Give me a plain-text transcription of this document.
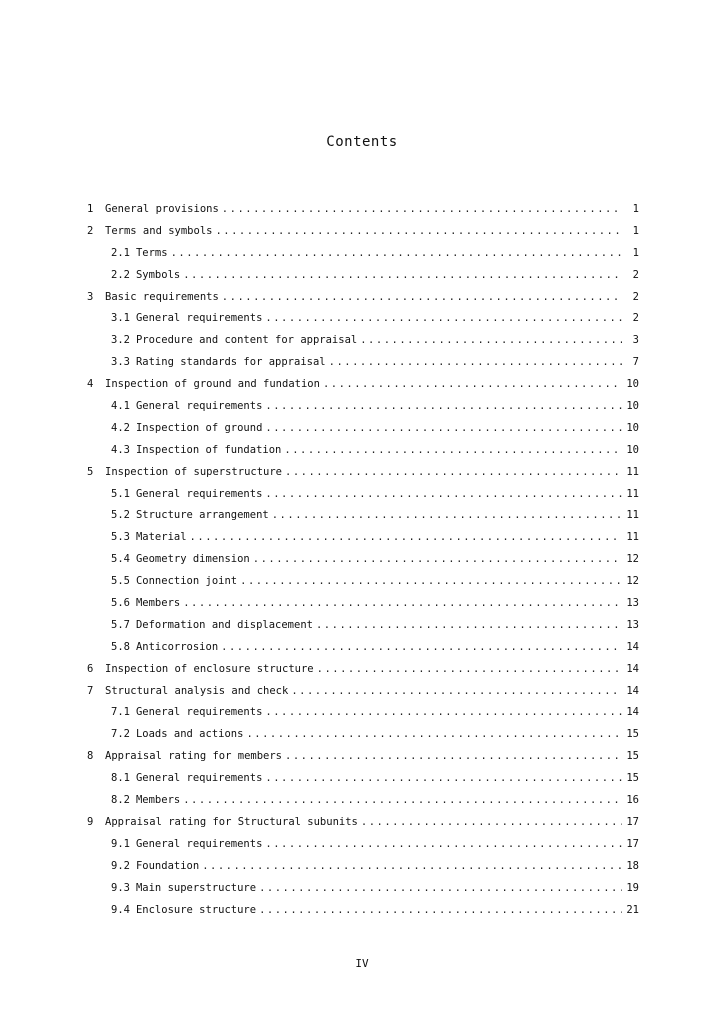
Contents
1	General provisions .....	1
2	Terms and symbols .....	1
2.1 Terms .....	1
2.2 Symbols .....	2
3	Basic requirements .....	2
3.1 General requirements .....	2
3.2 Procedure and content for appraisal .....	3
3.3 Rating standards for appraisal .....	7
4	Inspection of ground and fundation .....	10
4.1 General requirements .....	10
4.2 Inspection of ground .....	10
4.3 Inspection of fundation .....	10
5	Inspection of superstructure .....	11
5.1 General requirements .....	11
5.2 Structure arrangement .....	11
5.3 Material .....	11
5.4 Geometry dimension .....	12
5.5 Connection joint .....	12
5.6 Members .....	13
5.7 Deformation and displacement .....	13
5.8 Anticorrosion .....	14
6	Inspection of enclosure structure .....	14
7	Structural analysis and check .....	14
7.1 General requirements .....	14
7.2 Loads and actions .....	15
8	Appraisal rating for members .....	15
8.1 General requirements .....	15
8.2 Members .....	16
9	Appraisal rating for Structural subunits .....	17
9.1 General requirements .....	17
9.2 Foundation .....	18
9.3 Main superstructure .....	19
9.4 Enclosure structure .....	21
IV
